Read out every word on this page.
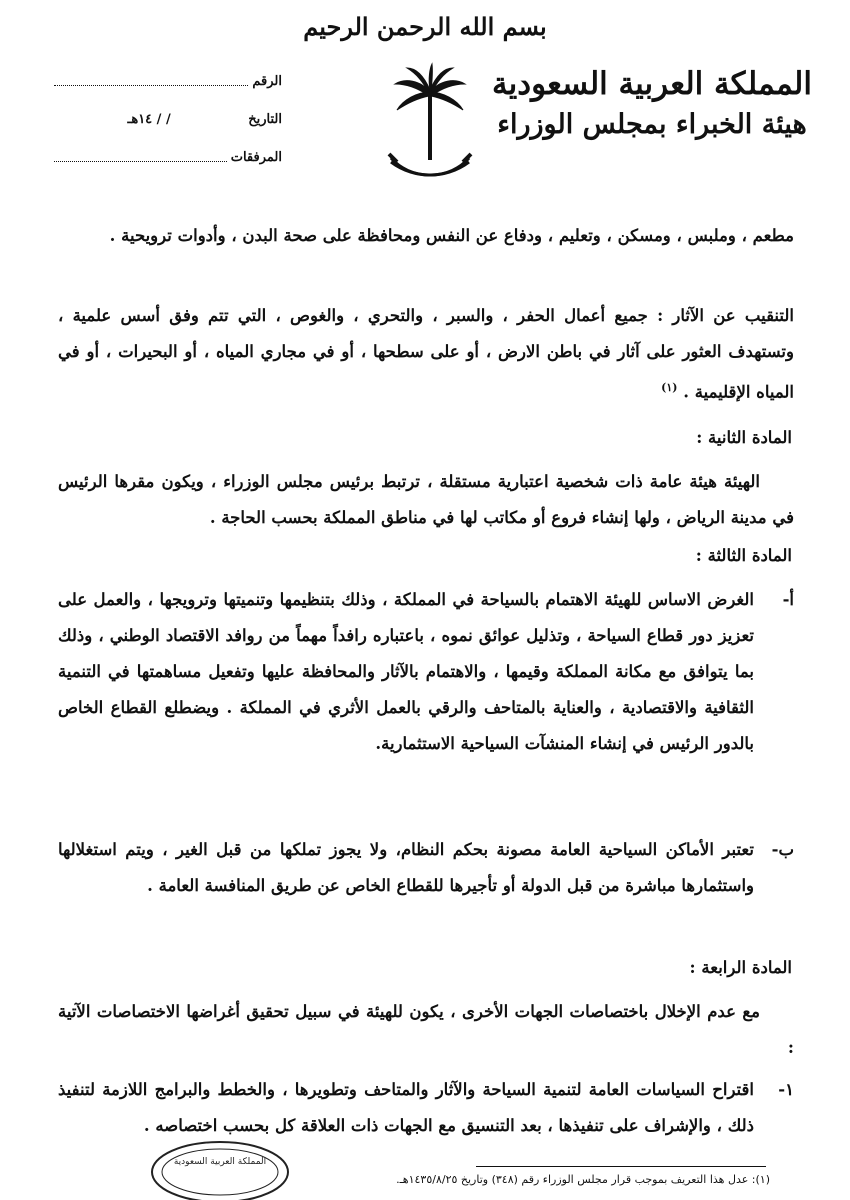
بسم الله الرحمن الرحيم
المملكة العربية السعودية
هيئة الخبراء بمجلس الوزراء
الرقم
التاريخ
/ / ١٤هـ
المرفقات
مطعم ، وملبس ، ومسكن ، وتعليم ، ودفاع عن النفس ومحافظة على صحة البدن ، وأدوات ترويحية .
التنقيب عن الآثار : جميع أعمال الحفر ، والسبر ، والتحري ، والغوص ، التي تتم وفق أسس علمية ، وتستهدف العثور على آثار في باطن الارض ، أو على سطحها ، أو في مجاري المياه ، أو البحيرات ، أو في المياه الإقليمية . $^{(١)}$
المادة الثانية :
الهيئة هيئة عامة ذات شخصية اعتبارية مستقلة ، ترتبط برئيس مجلس الوزراء ، ويكون مقرها الرئيس في مدينة الرياض ، ولها إنشاء فروع أو مكاتب لها في مناطق المملكة بحسب الحاجة .
المادة الثالثة :
أ-
الغرض الاساس للهيئة الاهتمام بالسياحة في المملكة ، وذلك بتنظيمها وتنميتها وترويجها ، والعمل على تعزيز دور قطاع السياحة ، وتذليل عوائق نموه ، باعتباره رافداً مهماً من روافد الاقتصاد الوطني ، وذلك بما يتوافق مع مكانة المملكة وقيمها ، والاهتمام بالآثار والمحافظة عليها وتفعيل مساهمتها في التنمية الثقافية والاقتصادية ، والعناية بالمتاحف والرقي بالعمل الأثري في المملكة . ويضطلع القطاع الخاص بالدور الرئيس في إنشاء المنشآت السياحية الاستثمارية.
ب-
تعتبر الأماكن السياحية العامة مصونة بحكم النظام، ولا يجوز تملكها من قبل الغير ، ويتم استغلالها واستثمارها مباشرة من قبل الدولة أو تأجيرها للقطاع الخاص عن طريق المنافسة العامة .
المادة الرابعة :
مع عدم الإخلال باختصاصات الجهات الأخرى ، يكون للهيئة في سبيل تحقيق أغراضها الاختصاصات الآتية :
١-
اقتراح السياسات العامة لتنمية السياحة والآثار والمتاحف وتطويرها ، والخطط والبرامج اللازمة لتنفيذ ذلك ، والإشراف على تنفيذها ، بعد التنسيق مع الجهات ذات العلاقة كل بحسب اختصاصه .
المملكة العربية السعودية
(١): عدل هذا التعريف بموجب قرار مجلس الوزراء رقم (٣٤٨) وتاريخ ١٤٣٥/٨/٢٥هـ.
